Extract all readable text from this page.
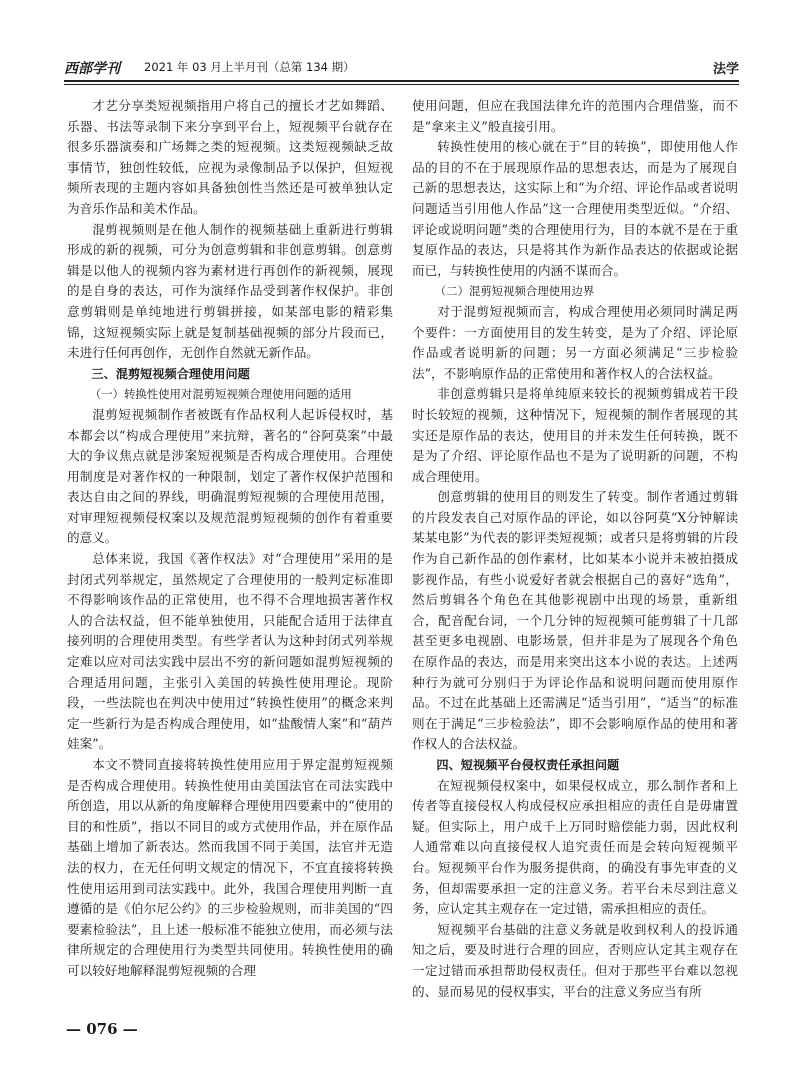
西部学刊 2021 年 03 月上半月刊（总第 134 期）	法学

才艺分享类短视频指用户将自己的擅长才艺如舞蹈、乐器、书法等录制下来分享到平台上，短视频平台就存在很多乐器演奏和广场舞之类的短视频。这类短视频缺乏故事情节，独创性较低，应视为录像制品予以保护，但短视频所表现的主题内容如具备独创性当然还是可被单独认定为音乐作品和美术作品。

混剪视频则是在他人制作的视频基础上重新进行剪辑形成的新的视频，可分为创意剪辑和非创意剪辑。创意剪辑是以他人的视频内容为素材进行再创作的新视频，展现的是自身的表达，可作为演绎作品受到著作权保护。非创意剪辑则是单纯地进行剪辑拼接，如某部电影的精彩集锦，这短视频实际上就是复制基础视频的部分片段而已，未进行任何再创作，无创作自然就无新作品。

三、混剪短视频合理使用问题
（一）转换性使用对混剪短视频合理使用问题的适用

混剪短视频制作者被既有作品权利人起诉侵权时，基本都会以“构成合理使用”来抗辩，著名的“谷阿莫案”中最大的争议焦点就是涉案短视频是否构成合理使用。合理使用制度是对著作权的一种限制，划定了著作权保护范围和表达自由之间的界线，明确混剪短视频的合理使用范围，对审理短视频侵权案以及规范混剪短视频的创作有着重要的意义。

总体来说，我国《著作权法》对“合理使用”采用的是封闭式列举规定，虽然规定了合理使用的一般判定标准即不得影响该作品的正常使用，也不得不合理地损害著作权人的合法权益，但不能单独使用，只能配合适用于法律直接列明的合理使用类型。有些学者认为这种封闭式列举规定难以应对司法实践中层出不穷的新问题如混剪短视频的合理适用问题，主张引入美国的转换性使用理论。现阶段，一些法院也在判决中使用过“转换性使用”的概念来判定一些新行为是否构成合理使用，如“盐酸情人案”和“葫芦娃案”。

本文不赞同直接将转换性使用应用于界定混剪短视频是否构成合理使用。转换性使用由美国法官在司法实践中所创造，用以从新的角度解释合理使用四要素中的“使用的目的和性质”，指以不同目的或方式使用作品，并在原作品基础上增加了新表达。然而我国不同于美国，法官并无造法的权力，在无任何明文规定的情况下，不宜直接将转换性使用运用到司法实践中。此外，我国合理使用判断一直遵循的是《伯尔尼公约》的三步检验规则，而非美国的“四要素检验法”，且上述一般标准不能独立使用，而必须与法律所规定的合理使用行为类型共同使用。转换性使用的确可以较好地解释混剪短视频的合理

使用问题，但应在我国法律允许的范围内合理借鉴，而不是“拿来主义”般直接引用。

转换性使用的核心就在于“目的转换”，即使用他人作品的目的不在于展现原作品的思想表达，而是为了展现自己新的思想表达，这实际上和“为介绍、评论作品或者说明问题适当引用他人作品”这一合理使用类型近似。“介绍、评论或说明问题”类的合理使用行为，目的本就不是在于重复原作品的表达，只是将其作为新作品表达的依据或论据而已，与转换性使用的内涵不谋而合。

（二）混剪短视频合理使用边界

对于混剪短视频而言，构成合理使用必须同时满足两个要件：一方面使用目的发生转变，是为了介绍、评论原作品或者说明新的问题；另一方面必须满足“三步检验法”，不影响原作品的正常使用和著作权人的合法权益。

非创意剪辑只是将单纯原来较长的视频剪辑成若干段时长较短的视频，这种情况下，短视频的制作者展现的其实还是原作品的表达，使用目的并未发生任何转换，既不是为了介绍、评论原作品也不是为了说明新的问题，不构成合理使用。

创意剪辑的使用目的则发生了转变。制作者通过剪辑的片段发表自己对原作品的评论，如以谷阿莫“X分钟解读某某电影”为代表的影评类短视频；或者只是将剪辑的片段作为自己新作品的创作素材，比如某本小说并未被拍摄成影视作品，有些小说爱好者就会根据自己的喜好“选角”，然后剪辑各个角色在其他影视剧中出现的场景，重新组合，配音配台词，一个几分钟的短视频可能剪辑了十几部甚至更多电视剧、电影场景，但并非是为了展现各个角色在原作品的表达，而是用来突出这本小说的表达。上述两种行为就可分别归于为评论作品和说明问题而使用原作品。不过在此基础上还需满足“适当引用”，“适当”的标准则在于满足“三步检验法”，即不会影响原作品的使用和著作权人的合法权益。

四、短视频平台侵权责任承担问题

在短视频侵权案中，如果侵权成立，那么制作者和上传者等直接侵权人构成侵权应承担相应的责任自是毋庸置疑。但实际上，用户成千上万同时赔偿能力弱，因此权利人通常难以向直接侵权人追究责任而是会转向短视频平台。短视频平台作为服务提供商，的确没有事先审查的义务，但却需要承担一定的注意义务。若平台未尽到注意义务，应认定其主观存在一定过错，需承担相应的责任。

短视频平台基础的注意义务就是收到权利人的投诉通知之后，要及时进行合理的回应，否则应认定其主观存在一定过错而承担帮助侵权责任。但对于那些平台难以忽视的、显而易见的侵权事实，平台的注意义务应当有所

— 076 —
